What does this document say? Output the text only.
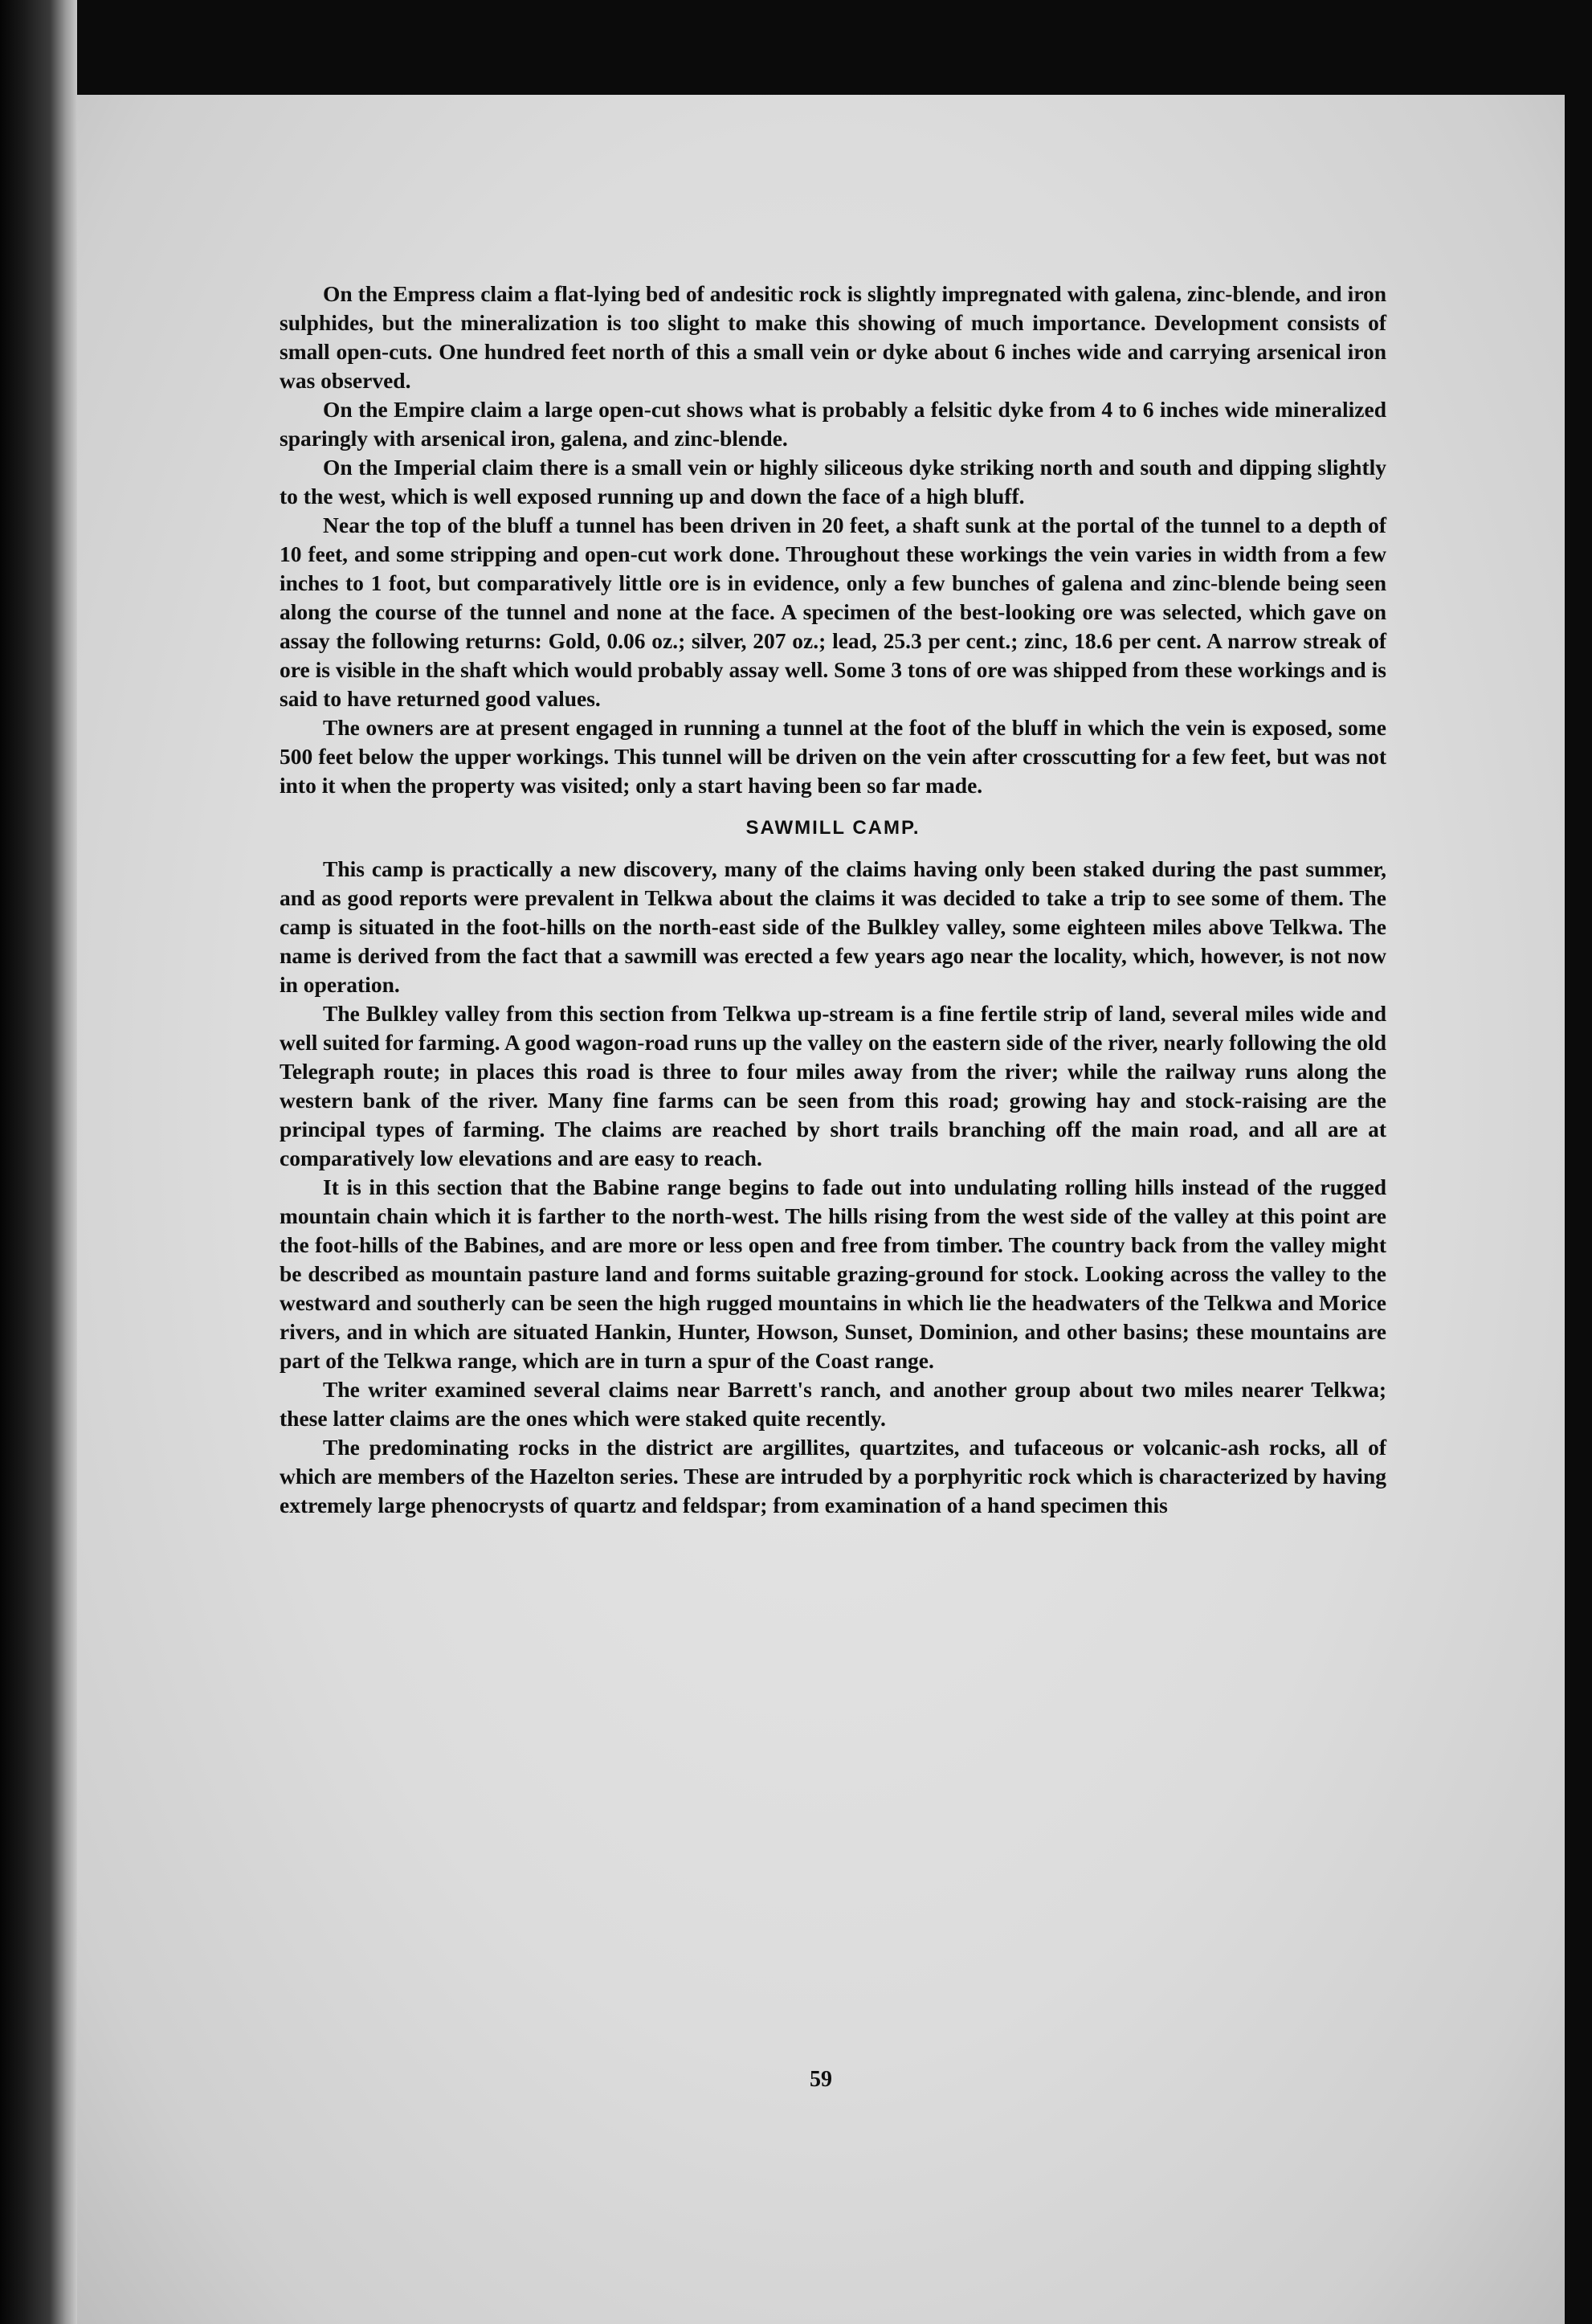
On the Empress claim a flat-lying bed of andesitic rock is slightly impregnated with galena, zinc-blende, and iron sulphides, but the mineralization is too slight to make this showing of much importance. Development consists of small open-cuts. One hundred feet north of this a small vein or dyke about 6 inches wide and carrying arsenical iron was observed.

On the Empire claim a large open-cut shows what is probably a felsitic dyke from 4 to 6 inches wide mineralized sparingly with arsenical iron, galena, and zinc-blende.

On the Imperial claim there is a small vein or highly siliceous dyke striking north and south and dipping slightly to the west, which is well exposed running up and down the face of a high bluff.

Near the top of the bluff a tunnel has been driven in 20 feet, a shaft sunk at the portal of the tunnel to a depth of 10 feet, and some stripping and open-cut work done. Throughout these workings the vein varies in width from a few inches to 1 foot, but comparatively little ore is in evidence, only a few bunches of galena and zinc-blende being seen along the course of the tunnel and none at the face. A specimen of the best-looking ore was selected, which gave on assay the following returns: Gold, 0.06 oz.; silver, 207 oz.; lead, 25.3 per cent.; zinc, 18.6 per cent. A narrow streak of ore is visible in the shaft which would probably assay well. Some 3 tons of ore was shipped from these workings and is said to have returned good values.

The owners are at present engaged in running a tunnel at the foot of the bluff in which the vein is exposed, some 500 feet below the upper workings. This tunnel will be driven on the vein after crosscutting for a few feet, but was not into it when the property was visited; only a start having been so far made.

SAWMILL CAMP.

This camp is practically a new discovery, many of the claims having only been staked during the past summer, and as good reports were prevalent in Telkwa about the claims it was decided to take a trip to see some of them. The camp is situated in the foot-hills on the north-east side of the Bulkley valley, some eighteen miles above Telkwa. The name is derived from the fact that a sawmill was erected a few years ago near the locality, which, however, is not now in operation.

The Bulkley valley from this section from Telkwa up-stream is a fine fertile strip of land, several miles wide and well suited for farming. A good wagon-road runs up the valley on the eastern side of the river, nearly following the old Telegraph route; in places this road is three to four miles away from the river; while the railway runs along the western bank of the river. Many fine farms can be seen from this road; growing hay and stock-raising are the principal types of farming. The claims are reached by short trails branching off the main road, and all are at comparatively low elevations and are easy to reach.

It is in this section that the Babine range begins to fade out into undulating rolling hills instead of the rugged mountain chain which it is farther to the north-west. The hills rising from the west side of the valley at this point are the foot-hills of the Babines, and are more or less open and free from timber. The country back from the valley might be described as mountain pasture land and forms suitable grazing-ground for stock. Looking across the valley to the westward and southerly can be seen the high rugged mountains in which lie the headwaters of the Telkwa and Morice rivers, and in which are situated Hankin, Hunter, Howson, Sunset, Dominion, and other basins; these mountains are part of the Telkwa range, which are in turn a spur of the Coast range.

The writer examined several claims near Barrett's ranch, and another group about two miles nearer Telkwa; these latter claims are the ones which were staked quite recently.

The predominating rocks in the district are argillites, quartzites, and tufaceous or volcanic-ash rocks, all of which are members of the Hazelton series. These are intruded by a porphyritic rock which is characterized by having extremely large phenocrysts of quartz and feldspar; from examination of a hand specimen this

59
